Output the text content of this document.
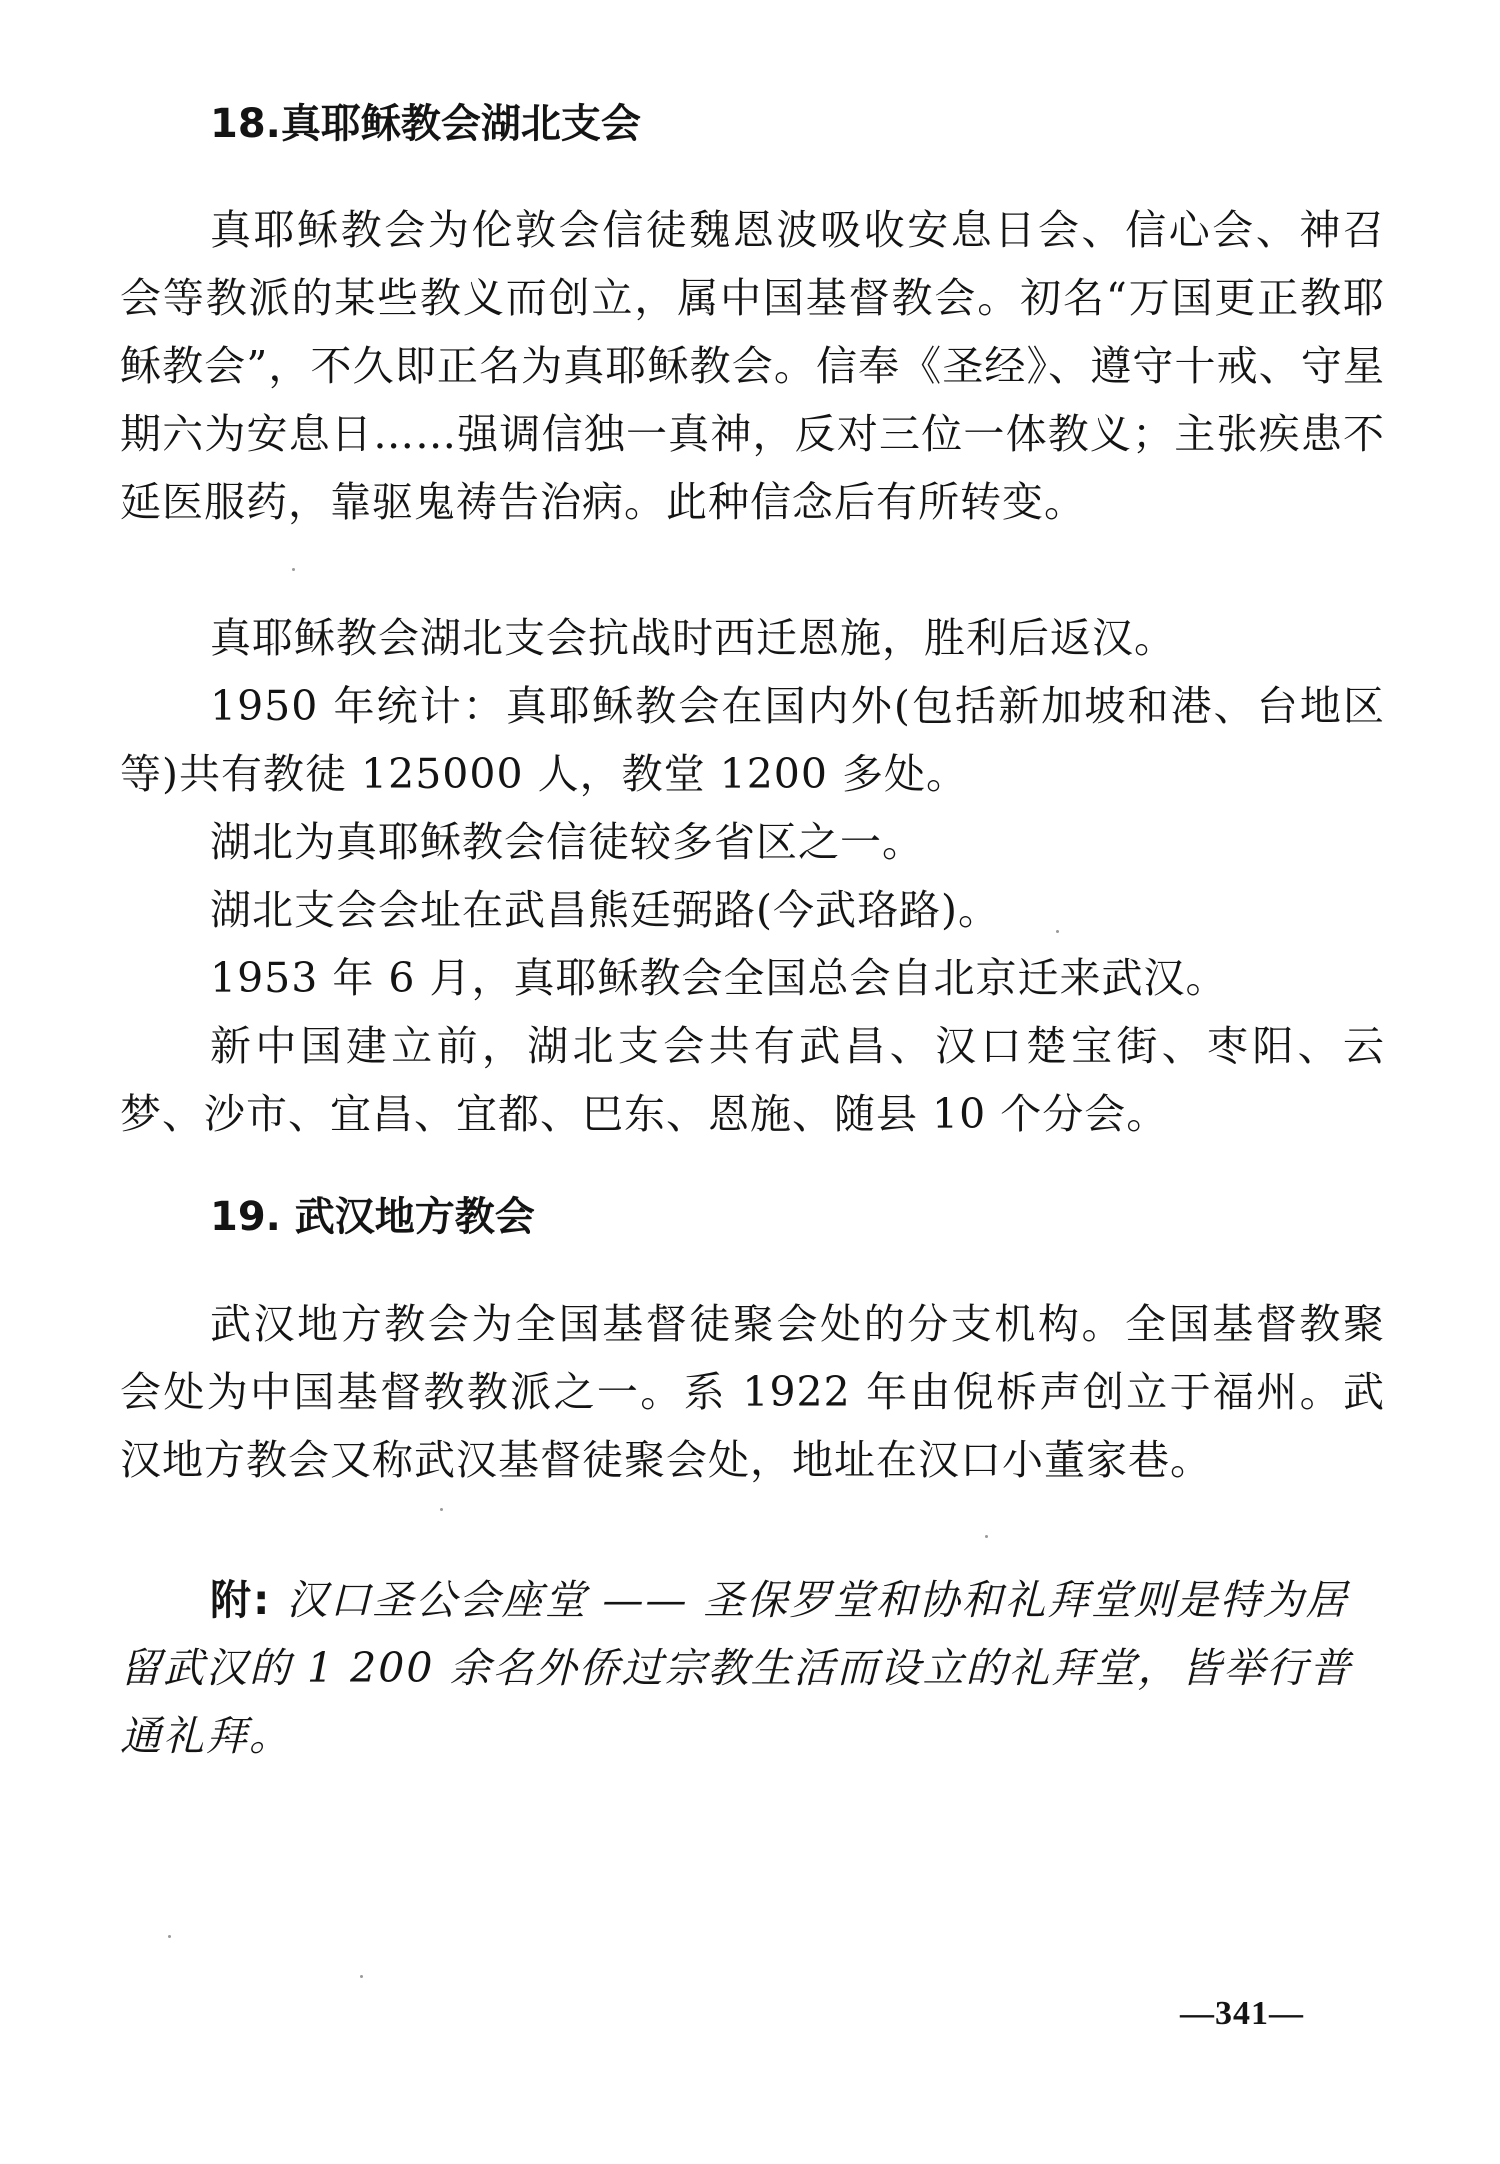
18.真耶稣教会湖北支会

真耶稣教会为伦敦会信徒魏恩波吸收安息日会、信心会、神召会等教派的某些教义而创立，属中国基督教会。初名“万国更正教耶稣教会”，不久即正名为真耶稣教会。信奉《圣经》、遵守十戒、守星期六为安息日……强调信独一真神，反对三位一体教义；主张疾患不延医服药，靠驱鬼祷告治病。此种信念后有所转变。

真耶稣教会湖北支会抗战时西迁恩施，胜利后返汉。

1950 年统计：真耶稣教会在国内外(包括新加坡和港、台地区等)共有教徒 125000 人，教堂 1200 多处。

湖北为真耶稣教会信徒较多省区之一。

湖北支会会址在武昌熊廷弼路(今武珞路)。

1953 年 6 月，真耶稣教会全国总会自北京迁来武汉。

新中国建立前，湖北支会共有武昌、汉口楚宝街、枣阳、云梦、沙市、宜昌、宜都、巴东、恩施、随县 10 个分会。

19. 武汉地方教会

武汉地方教会为全国基督徒聚会处的分支机构。全国基督教聚会处为中国基督教教派之一。系 1922 年由倪柝声创立于福州。武汉地方教会又称武汉基督徒聚会处，地址在汉口小董家巷。

附: 汉口圣公会座堂 —— 圣保罗堂和协和礼拜堂则是特为居留武汉的 1 200 余名外侨过宗教生活而设立的礼拜堂，皆举行普通礼拜。

—341—
